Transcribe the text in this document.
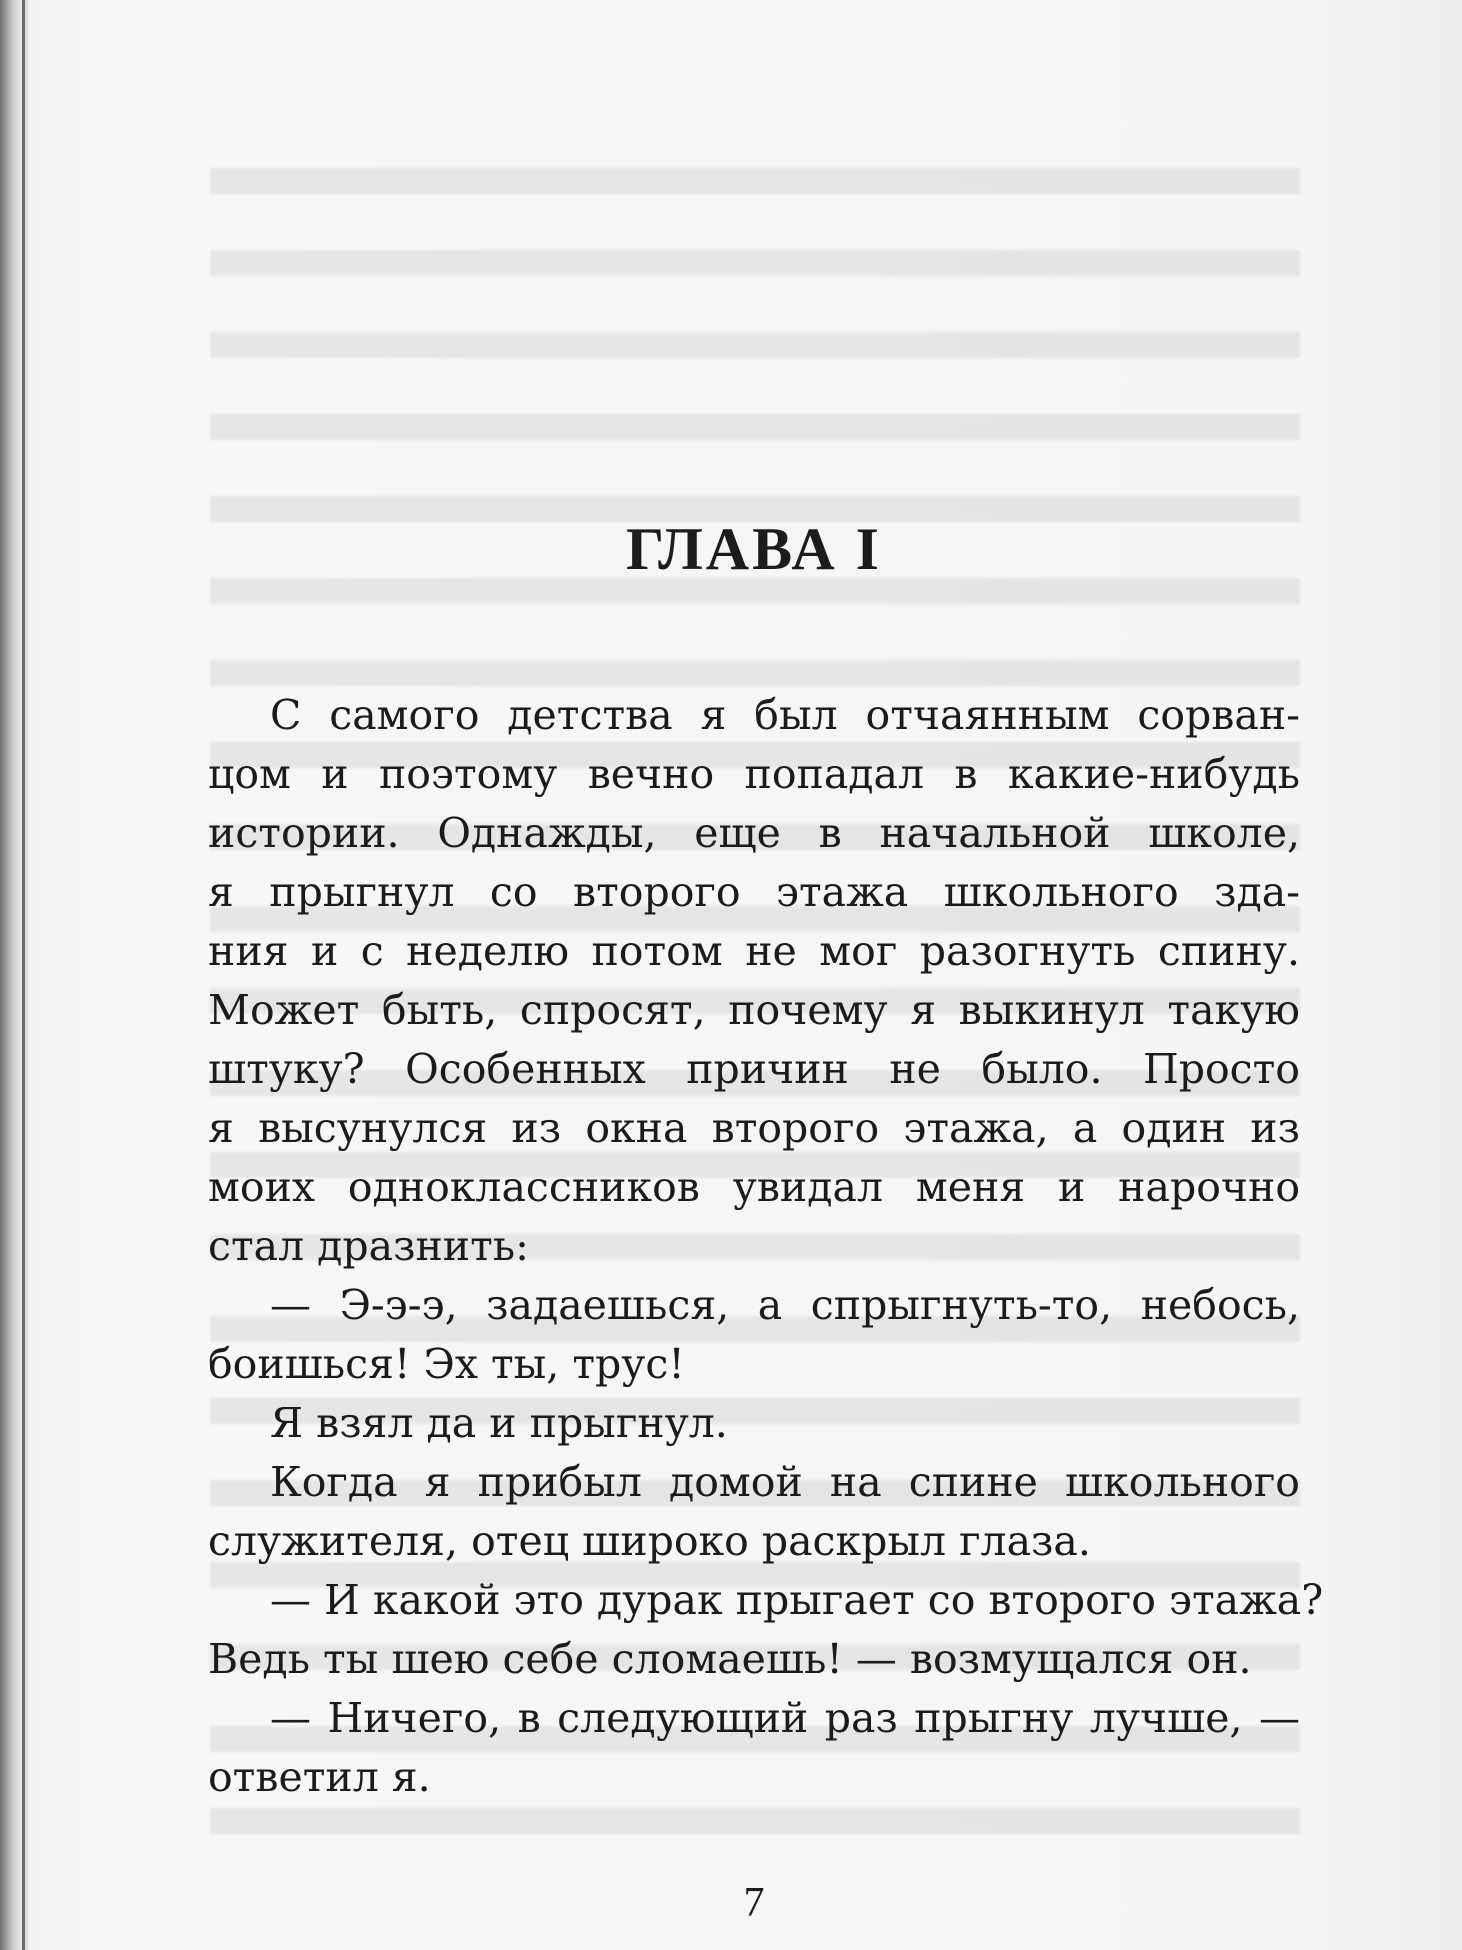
ГЛАВА I
С самого детства я был отчаянным сорван-
цом и поэтому вечно попадал в какие-нибудь
истории. Однажды, еще в начальной школе,
я прыгнул со второго этажа школьного зда-
ния и с неделю потом не мог разогнуть спину.
Может быть, спросят, почему я выкинул такую
штуку? Особенных причин не было. Просто
я высунулся из окна второго этажа, а один из
моих одноклассников увидал меня и нарочно
стал дразнить:
— Э-э-э, задаешься, а спрыгнуть-то, небось,
боишься! Эх ты, трус!
Я взял да и прыгнул.
Когда я прибыл домой на спине школьного
служителя, отец широко раскрыл глаза.
— И какой это дурак прыгает со второго этажа?
Ведь ты шею себе сломаешь! — возмущался он.
— Ничего, в следующий раз прыгну лучше, —
ответил я.
7
